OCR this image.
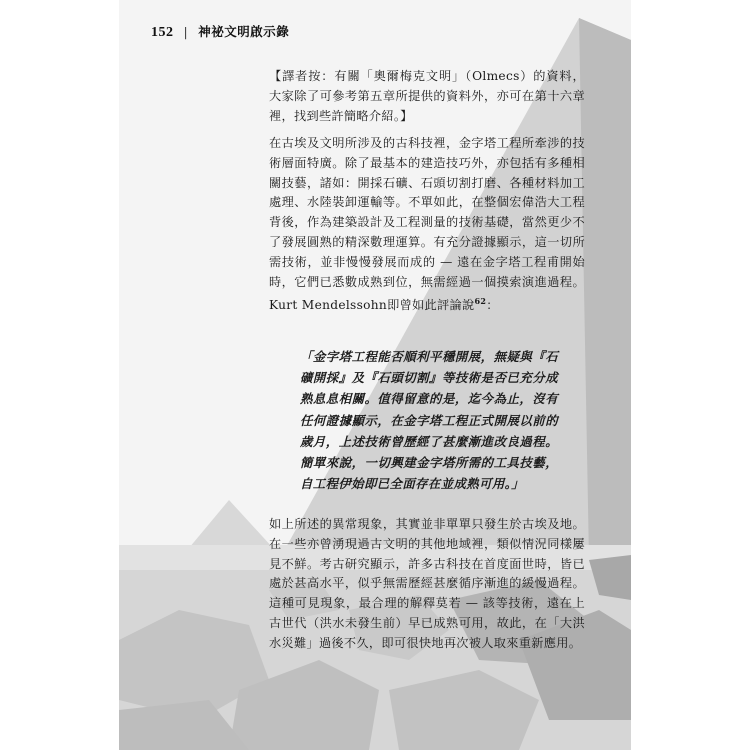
152 | 神祕文明啟示錄

【譯者按：有關「奧爾梅克文明」（Olmecs）的資料，大家除了可參考第五章所提供的資料外，亦可在第十六章裡，找到些許簡略介紹。】

在古埃及文明所涉及的古科技裡，金字塔工程所牽涉的技術層面特廣。除了最基本的建造技巧外，亦包括有多種相關技藝，諸如：開採石礦、石頭切割打磨、各種材料加工處理、水陸裝卸運輸等。不單如此，在整個宏偉浩大工程背後，作為建築設計及工程測量的技術基礎，當然更少不了發展圓熟的精深數理運算。有充分證據顯示，這一切所需技術，並非慢慢發展而成的 — 遠在金字塔工程甫開始時，它們已悉數成熟到位，無需經過一個摸索演進過程。Kurt Mendelssohn即曾如此評論說$^{62}$：

「金字塔工程能否順利平穩開展，無疑與『石礦開採』及『石頭切割』等技術是否已充分成熟息息相關。值得留意的是，迄今為止，沒有任何證據顯示，在金字塔工程正式開展以前的歲月，上述技術曾歷經了甚麼漸進改良過程。簡單來說，一切興建金字塔所需的工具技藝，自工程伊始即已全面存在並成熟可用。」

如上所述的異常現象，其實並非單單只發生於古埃及地。在一些亦曾湧現過古文明的其他地域裡，類似情況同樣屢見不鮮。考古研究顯示，許多古科技在首度面世時，皆已處於甚高水平，似乎無需歷經甚麼循序漸進的緩慢過程。這種可見現象，最合理的解釋莫若 — 該等技術，遠在上古世代（洪水未發生前）早已成熟可用，故此，在「大洪水災難」過後不久，即可很快地再次被人取來重新應用。
